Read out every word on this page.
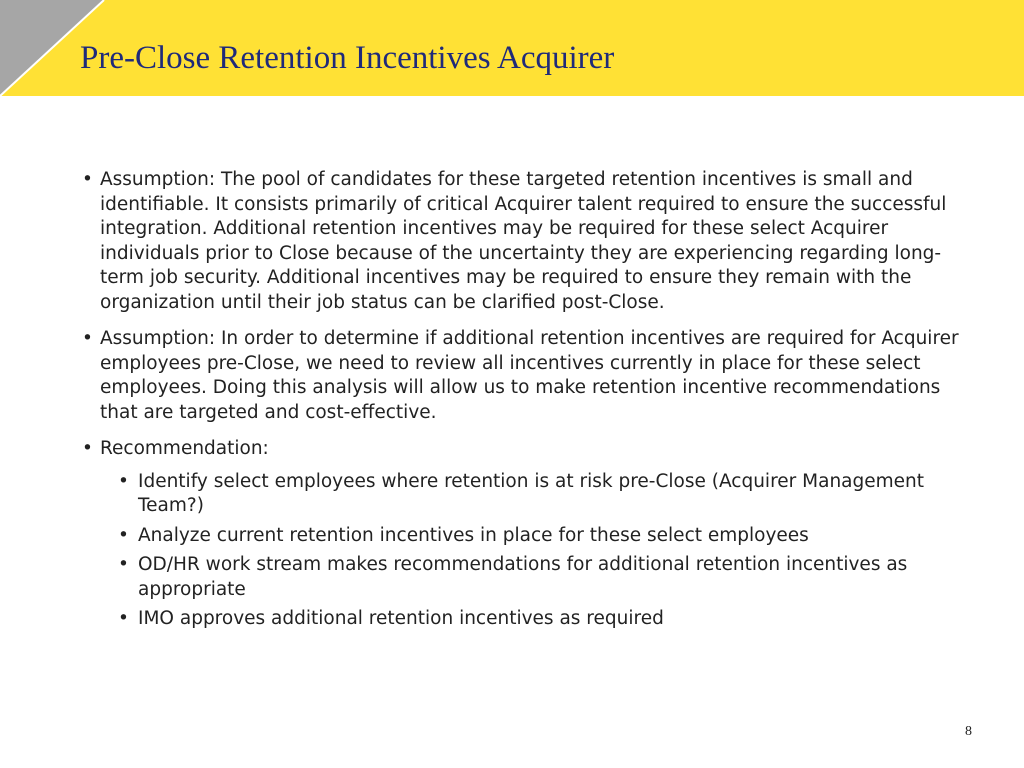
Pre-Close Retention Incentives Acquirer
• Assumption: The pool of candidates for these targeted retention incentives is small and identifiable. It consists primarily of critical Acquirer talent required to ensure the successful integration. Additional retention incentives may be required for these select Acquirer individuals prior to Close because of the uncertainty they are experiencing regarding long-term job security. Additional incentives may be required to ensure they remain with the organization until their job status can be clarified post-Close.
• Assumption: In order to determine if additional retention incentives are required for Acquirer employees pre-Close, we need to review all incentives currently in place for these select employees. Doing this analysis will allow us to make retention incentive recommendations that are targeted and cost-effective.
• Recommendation:
• Identify select employees where retention is at risk pre-Close (Acquirer Management Team?)
• Analyze current retention incentives in place for these select employees
• OD/HR work stream makes recommendations for additional retention incentives as appropriate
• IMO approves additional retention incentives as required
8
